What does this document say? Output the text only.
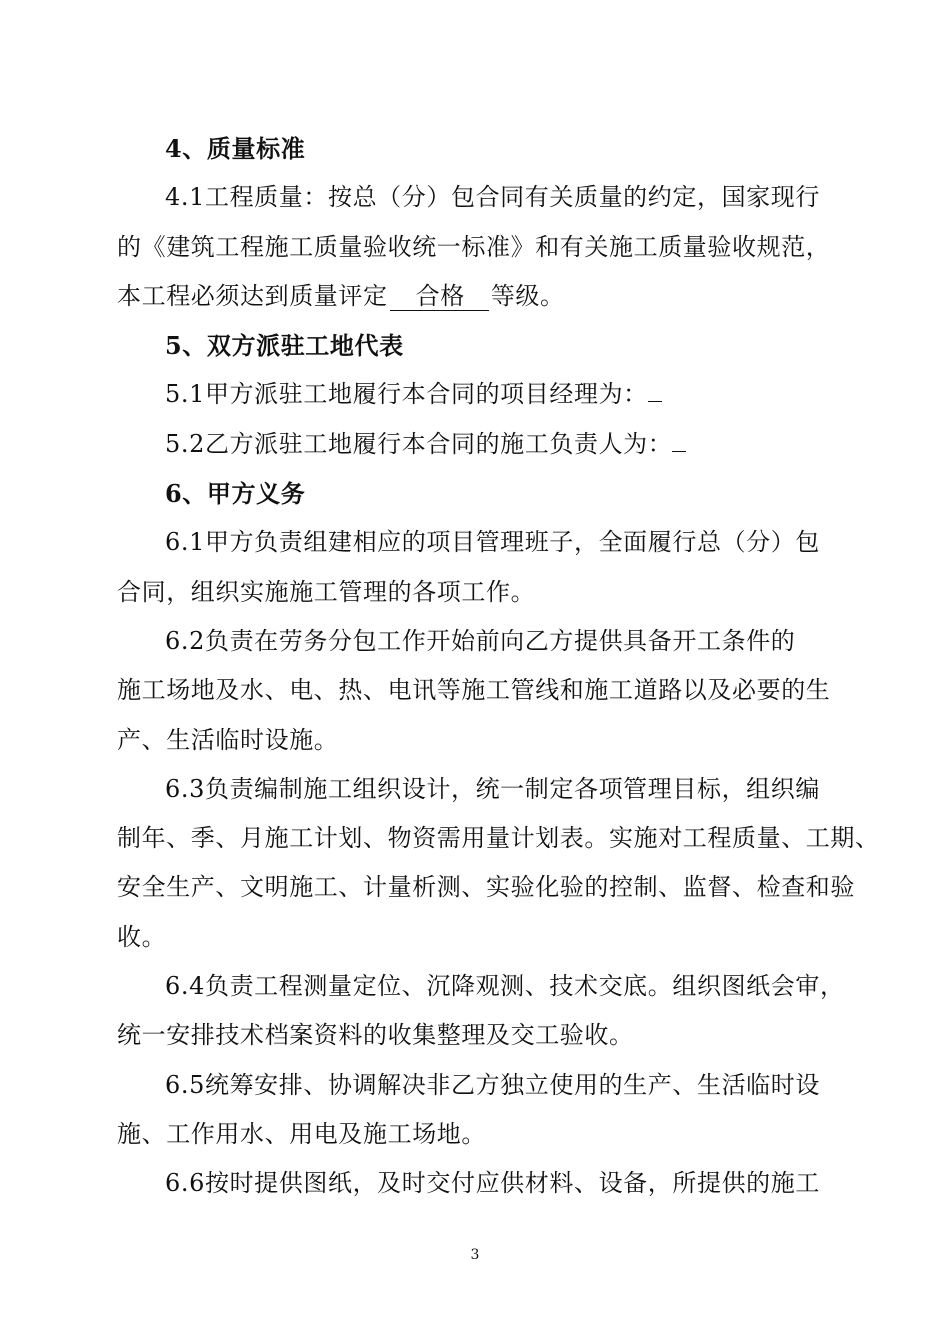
4、质量标准
4.1工程质量：按总（分）包合同有关质量的约定，国家现行
的《建筑工程施工质量验收统一标准》和有关施工质量验收规范，
本工程必须达到质量评定 合格 等级。
5、双方派驻工地代表
5.1甲方派驻工地履行本合同的项目经理为：
5.2乙方派驻工地履行本合同的施工负责人为：
6、甲方义务
6.1甲方负责组建相应的项目管理班子，全面履行总（分）包
合同，组织实施施工管理的各项工作。
6.2负责在劳务分包工作开始前向乙方提供具备开工条件的
施工场地及水、电、热、电讯等施工管线和施工道路以及必要的生
产、生活临时设施。
6.3负责编制施工组织设计，统一制定各项管理目标，组织编
制年、季、月施工计划、物资需用量计划表。实施对工程质量、工期、
安全生产、文明施工、计量析测、实验化验的控制、监督、检查和验
收。
6.4负责工程测量定位、沉降观测、技术交底。组织图纸会审，
统一安排技术档案资料的收集整理及交工验收。
6.5统筹安排、协调解决非乙方独立使用的生产、生活临时设
施、工作用水、用电及施工场地。
6.6按时提供图纸，及时交付应供材料、设备，所提供的施工
3
